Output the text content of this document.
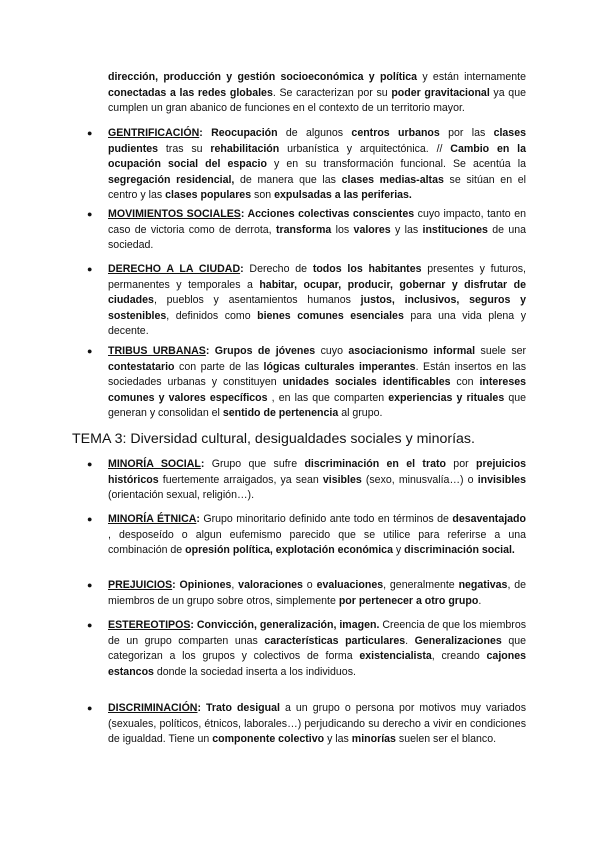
dirección, producción y gestión socioeconómica y política y están internamente conectadas a las redes globales. Se caracterizan por su poder gravitacional ya que cumplen un gran abanico de funciones en el contexto de un territorio mayor.

● GENTRIFICACIÓN: Reocupación de algunos centros urbanos por las clases pudientes tras su rehabilitación urbanística y arquitectónica. // Cambio en la ocupación social del espacio y en su transformación funcional. Se acentúa la segregación residencial, de manera que las clases medias-altas se sitúan en el centro y las clases populares son expulsadas a las periferias.

● MOVIMIENTOS SOCIALES: Acciones colectivas conscientes cuyo impacto, tanto en caso de victoria como de derrota, transforma los valores y las instituciones de una sociedad.

● DERECHO A LA CIUDAD: Derecho de todos los habitantes presentes y futuros, permanentes y temporales a habitar, ocupar, producir, gobernar y disfrutar de ciudades, pueblos y asentamientos humanos justos, inclusivos, seguros y sostenibles, definidos como bienes comunes esenciales para una vida plena y decente.

● TRIBUS URBANAS: Grupos de jóvenes cuyo asociacionismo informal suele ser contestatario con parte de las lógicas culturales imperantes. Están insertos en las sociedades urbanas y constituyen unidades sociales identificables con intereses comunes y valores específicos , en las que comparten experiencias y rituales que generan y consolidan el sentido de pertenencia al grupo.

TEMA 3: Diversidad cultural, desigualdades sociales y minorías.
● MINORÍA SOCIAL: Grupo que sufre discriminación en el trato por prejuicios históricos fuertemente arraigados, ya sean visibles (sexo, minusvalía…) o invisibles (orientación sexual, religión…).

● MINORÍA ÉTNICA: Grupo minoritario definido ante todo en términos de desaventajado , desposeído o algun eufemismo parecido que se utilice para referirse a una combinación de opresión política, explotación económica y discriminación social.

● PREJUICIOS: Opiniones, valoraciones o evaluaciones, generalmente negativas, de miembros de un grupo sobre otros, simplemente por pertenecer a otro grupo.

● ESTEREOTIPOS: Convicción, generalización, imagen. Creencia de que los miembros de un grupo comparten unas características particulares. Generalizaciones que categorizan a los grupos y colectivos de forma existencialista, creando cajones estancos donde la sociedad inserta a los individuos.

● DISCRIMINACIÓN: Trato desigual a un grupo o persona por motivos muy variados (sexuales, políticos, étnicos, laborales…) perjudicando su derecho a vivir en condiciones de igualdad. Tiene un componente colectivo y las minorías suelen ser el blanco.
